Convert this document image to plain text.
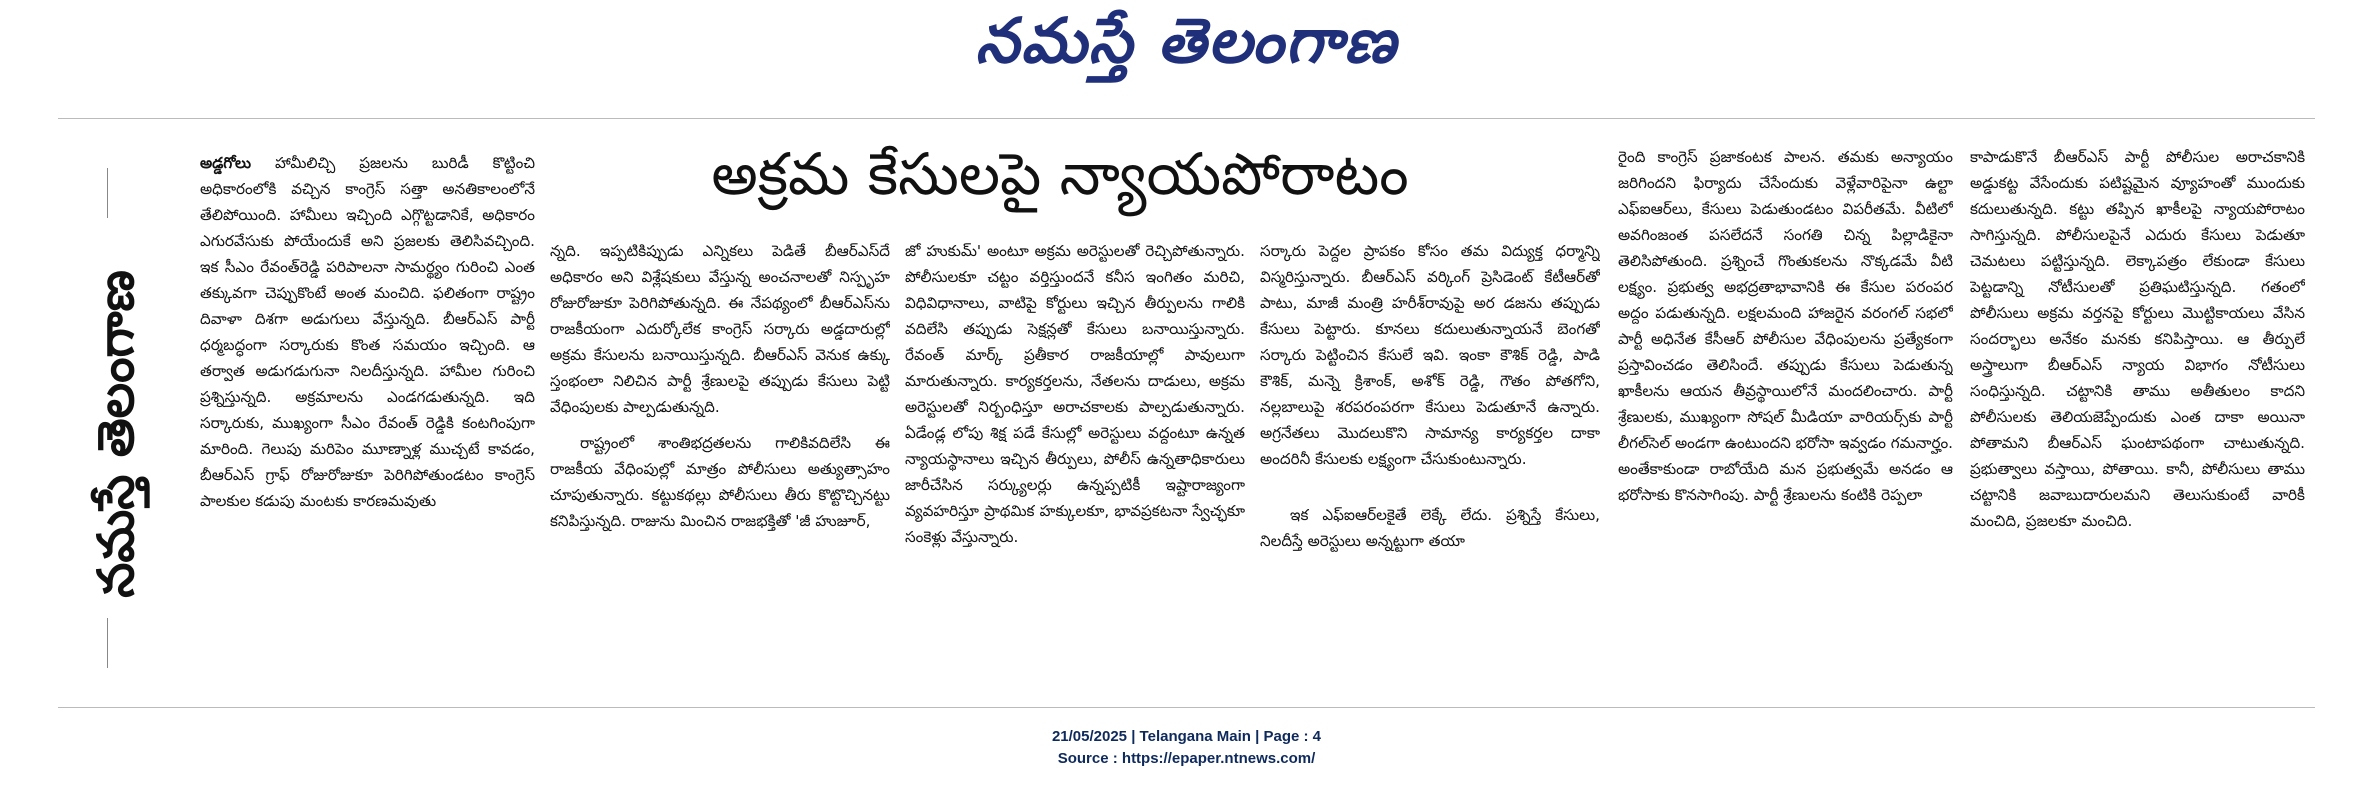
నమస్తే తెలంగాణ
నమస్తే తెలంగాణ

అడ్డగోలు హామీలిచ్చి ప్రజలను బురిడీ కొట్టించి అధికారంలోకి వచ్చిన కాంగ్రెస్ సత్తా అనతికాలంలోనే తేలిపోయింది. హామీలు ఇచ్చింది ఎగ్గొట్టడానికే, అధికారం ఎగురవేసుకు పోయేందుకే అని ప్రజలకు తెలిసివచ్చింది. ఇక సీఎం రేవంత్‌రెడ్డి పరిపాలనా సామర్థ్యం గురించి ఎంత తక్కువగా చెప్పుకొంటే అంత మంచిది. ఫలితంగా రాష్ట్రం దివాళా దిశగా అడుగులు వేస్తున్నది. బీఆర్ఎస్ పార్టీ ధర్మబద్ధంగా సర్కారుకు కొంత సమయం ఇచ్చింది. ఆ తర్వాత అడుగడుగునా నిలదీస్తున్నది. హామీల గురించి ప్రశ్నిస్తున్నది. అక్రమాలను ఎండగడుతున్నది. ఇది సర్కారుకు, ముఖ్యంగా సీఎం రేవంత్ రెడ్డికి కంటగింపుగా మారింది. గెలుపు మరిపెం మూణ్నాళ్ల ముచ్చటే కావడం, బీఆర్ఎస్ గ్రాఫ్ రోజురోజుకూ పెరిగిపోతుండటం కాంగ్రెస్ పాలకుల కడుపు మంటకు కారణమవుతు

అక్రమ కేసులపై న్యాయపోరాటం

న్నది. ఇప్పటికిప్పుడు ఎన్నికలు పెడితే బీఆర్ఎస్‌దే అధికారం అని విశ్లేషకులు వేస్తున్న అంచనాలతో నిస్పృహ రోజురోజుకూ పెరిగిపోతున్నది. ఈ నేపథ్యంలో బీఆర్ఎస్‌ను రాజకీయంగా ఎదుర్కోలేక కాంగ్రెస్ సర్కారు అడ్డదారుల్లో అక్రమ కేసులను బనాయిస్తున్నది. బీఆర్ఎస్ వెనుక ఉక్కు స్తంభంలా నిలిచిన పార్టీ శ్రేణులపై తప్పుడు కేసులు పెట్టి వేధింపులకు పాల్పడుతున్నది.

రాష్ట్రంలో శాంతిభద్రతలను గాలికివదిలేసి ఈ రాజకీయ వేధింపుల్లో మాత్రం పోలీసులు అత్యుత్సాహం చూపుతున్నారు. కట్టుకథల్లు పోలీసులు తీరు కొట్టొచ్చినట్టు కనిపిస్తున్నది. రాజును మించిన రాజభక్తితో 'జీ హుజూర్,

జో హుకుమ్' అంటూ అక్రమ అరెస్టులతో రెచ్చిపోతున్నారు. పోలీసులకూ చట్టం వర్తిస్తుందనే కనీస ఇంగితం మరిచి, విధివిధానాలు, వాటిపై కోర్టులు ఇచ్చిన తీర్పులను గాలికి వదిలేసి తప్పుడు సెక్షన్లతో కేసులు బనాయిస్తున్నారు. రేవంత్ మార్క్ ప్రతీకార రాజకీయాల్లో పావులుగా మారుతున్నారు. కార్యకర్తలను, నేతలను దాడులు, అక్రమ అరెస్టులతో నిర్బంధిస్తూ అరాచకాలకు పాల్పడుతున్నారు. ఏడేండ్ల లోపు శిక్ష పడే కేసుల్లో అరెస్టులు వద్దంటూ ఉన్నత న్యాయస్థానాలు ఇచ్చిన తీర్పులు, పోలీస్ ఉన్నతాధికారులు జారీచేసిన సర్క్యులర్లు ఉన్నప్పటికీ ఇష్టారాజ్యంగా వ్యవహరిస్తూ ప్రాథమిక హక్కులకూ, భావప్రకటనా స్వేచ్ఛకూ సంకెళ్లు వేస్తున్నారు.

సర్కారు పెద్దల ప్రాపకం కోసం తమ విద్యుక్త ధర్మాన్ని విస్మరిస్తున్నారు. బీఆర్ఎస్ వర్కింగ్ ప్రెసిడెంట్ కేటీఆర్‌తో పాటు, మాజీ మంత్రి హరీశ్‌రావుపై అర డజను తప్పుడు కేసులు పెట్టారు. కూనలు కదులుతున్నాయనే బెంగతో సర్కారు పెట్టించిన కేసులే ఇవి. ఇంకా కౌశిక్ రెడ్డి, పాడి కౌశిక్, మన్నె క్రిశాంక్, అశోక్ రెడ్డి, గౌతం పోతగోని, నల్లబాలుపై శరపరంపరగా కేసులు పెడుతూనే ఉన్నారు. అగ్రనేతలు మొదలుకొని సామాన్య కార్యకర్తల దాకా అందరినీ కేసులకు లక్ష్యంగా చేసుకుంటున్నారు.

ఇక ఎఫ్ఐఆర్‌లకైతే లెక్కే లేదు. ప్రశ్నిస్తే కేసులు, నిలదీస్తే అరెస్టులు అన్నట్టుగా తయా

రైంది కాంగ్రెస్ ప్రజాకంటక పాలన. తమకు అన్యాయం జరిగిందని ఫిర్యాదు చేసేందుకు వెళ్లేవారిపైనా ఉల్టా ఎఫ్ఐఆర్‌లు, కేసులు పెడుతుండటం విపరీతమే. వీటిలో అవగింజంత పసలేదనే సంగతి చిన్న పిల్లాడికైనా తెలిసిపోతుంది. ప్రశ్నించే గొంతుకలను నొక్కడమే వీటి లక్ష్యం. ప్రభుత్వ అభద్రతాభావానికి ఈ కేసుల పరంపర అద్దం పడుతున్నది. లక్షలమంది హాజరైన వరంగల్ సభలో పార్టీ అధినేత కేసీఆర్ పోలీసుల వేధింపులను ప్రత్యేకంగా ప్రస్తావించడం తెలిసిందే. తప్పుడు కేసులు పెడుతున్న ఖాకీలను ఆయన తీవ్రస్థాయిలోనే మందలించారు. పార్టీ శ్రేణులకు, ముఖ్యంగా సోషల్ మీడియా వారియర్స్‌కు పార్టీ లీగల్‌సెల్ అండగా ఉంటుందని భరోసా ఇవ్వడం గమనార్హం. అంతేకాకుండా రాబోయేది మన ప్రభుత్వమే అనడం ఆ భరోసాకు కొనసాగింపు. పార్టీ శ్రేణులను కంటికి రెప్పలా

కాపాడుకొనే బీఆర్ఎస్ పార్టీ పోలీసుల అరాచకానికి అడ్డుకట్ట వేసేందుకు పటిష్టమైన వ్యూహంతో ముందుకు కదులుతున్నది. కట్టు తప్పిన ఖాకీలపై న్యాయపోరాటం సాగిస్తున్నది. పోలీసులపైనే ఎదురు కేసులు పెడుతూ చెమటలు పట్టిస్తున్నది. లెక్కాపత్రం లేకుండా కేసులు పెట్టడాన్ని నోటీసులతో ప్రతిఘటిస్తున్నది. గతంలో పోలీసులు అక్రమ వర్తనపై కోర్టులు మొట్టికాయలు వేసిన సందర్భాలు అనేకం మనకు కనిపిస్తాయి. ఆ తీర్పులే అస్త్రాలుగా బీఆర్ఎస్ న్యాయ విభాగం నోటీసులు సంధిస్తున్నది. చట్టానికి తాము అతీతులం కాదని పోలీసులకు తెలియజెప్పేందుకు ఎంత దాకా అయినా పోతామని బీఆర్ఎస్ ఘంటాపథంగా చాటుతున్నది. ప్రభుత్వాలు వస్తాయి, పోతాయి. కానీ, పోలీసులు తాము చట్టానికి జవాబుదారులమని తెలుసుకుంటే వారికీ మంచిది, ప్రజలకూ మంచిది.

21/05/2025 | Telangana Main | Page : 4
Source : https://epaper.ntnews.com/
